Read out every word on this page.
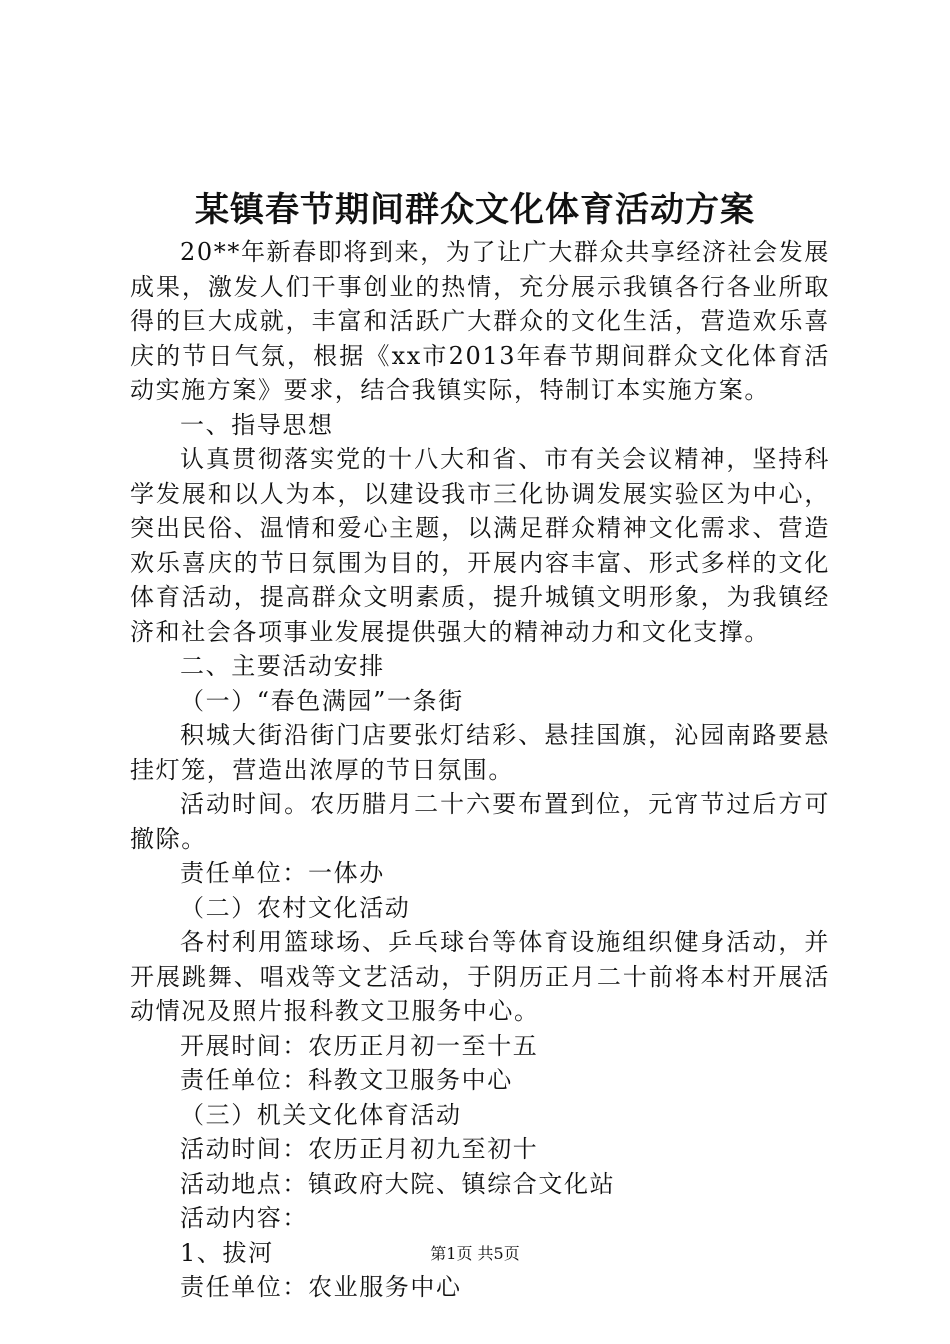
某镇春节期间群众文化体育活动方案

20**年新春即将到来，为了让广大群众共享经济社会发展成果，激发人们干事创业的热情，充分展示我镇各行各业所取得的巨大成就，丰富和活跃广大群众的文化生活，营造欢乐喜庆的节日气氛，根据《xx市2013年春节期间群众文化体育活动实施方案》要求，结合我镇实际，特制订本实施方案。

一、指导思想

认真贯彻落实党的十八大和省、市有关会议精神，坚持科学发展和以人为本，以建设我市三化协调发展实验区为中心，突出民俗、温情和爱心主题，以满足群众精神文化需求、营造欢乐喜庆的节日氛围为目的，开展内容丰富、形式多样的文化体育活动，提高群众文明素质，提升城镇文明形象，为我镇经济和社会各项事业发展提供强大的精神动力和文化支撑。

二、主要活动安排

（一）“春色满园”一条街

积城大街沿街门店要张灯结彩、悬挂国旗，沁园南路要悬挂灯笼，营造出浓厚的节日氛围。

活动时间。农历腊月二十六要布置到位，元宵节过后方可撤除。

责任单位：一体办

（二）农村文化活动

各村利用篮球场、乒乓球台等体育设施组织健身活动，并开展跳舞、唱戏等文艺活动，于阴历正月二十前将本村开展活动情况及照片报科教文卫服务中心。

开展时间：农历正月初一至十五

责任单位：科教文卫服务中心

（三）机关文化体育活动

活动时间：农历正月初九至初十

活动地点：镇政府大院、镇综合文化站

活动内容：

1、拔河

责任单位：农业服务中心

第1页 共5页
